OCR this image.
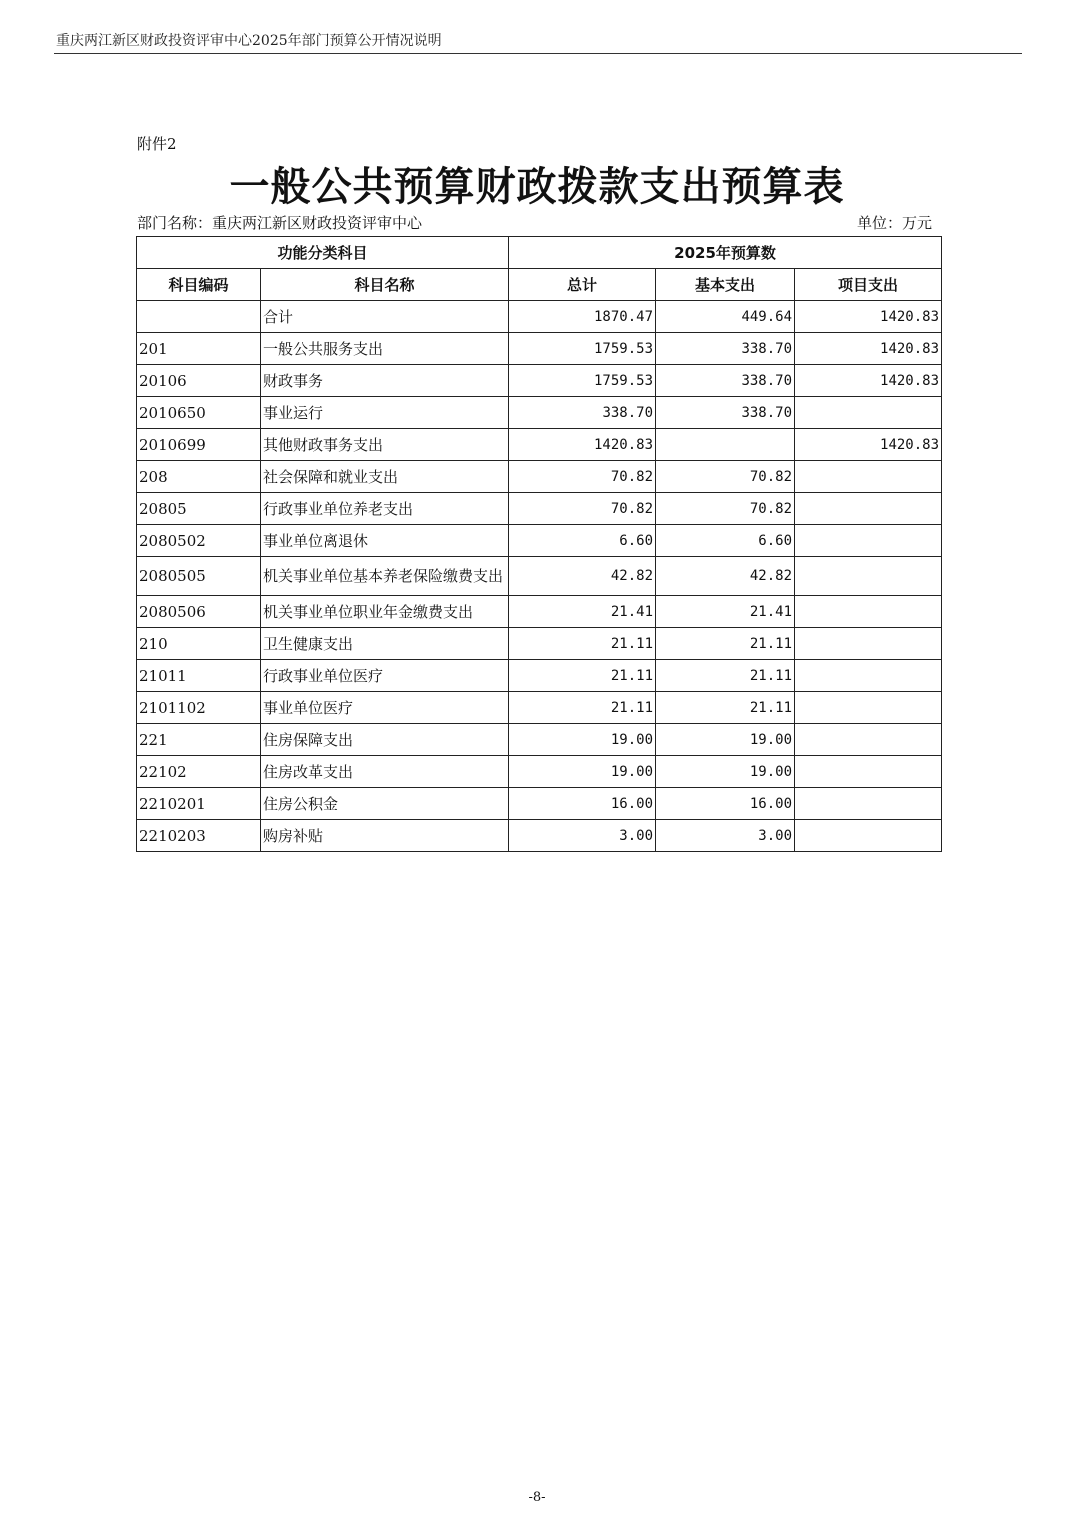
重庆两江新区财政投资评审中心2025年部门预算公开情况说明
附件2
一般公共预算财政拨款支出预算表
部门名称：重庆两江新区财政投资评审中心	单位：万元
功能分类科目		2025年预算数		
科目编码	科目名称	总计	基本支出	项目支出
	合计	1870.47	449.64	1420.83
201	一般公共服务支出	1759.53	338.70	1420.83
20106	财政事务	1759.53	338.70	1420.83
2010650	事业运行	338.70	338.70	
2010699	其他财政事务支出	1420.83		1420.83
208	社会保障和就业支出	70.82	70.82	
20805	行政事业单位养老支出	70.82	70.82	
2080502	事业单位离退休	6.60	6.60	
2080505	机关事业单位基本养老保险缴费支出	42.82	42.82	
2080506	机关事业单位职业年金缴费支出	21.41	21.41	
210	卫生健康支出	21.11	21.11	
21011	行政事业单位医疗	21.11	21.11	
2101102	事业单位医疗	21.11	21.11	
221	住房保障支出	19.00	19.00	
22102	住房改革支出	19.00	19.00	
2210201	住房公积金	16.00	16.00	
2210203	购房补贴	3.00	3.00	
-8-
